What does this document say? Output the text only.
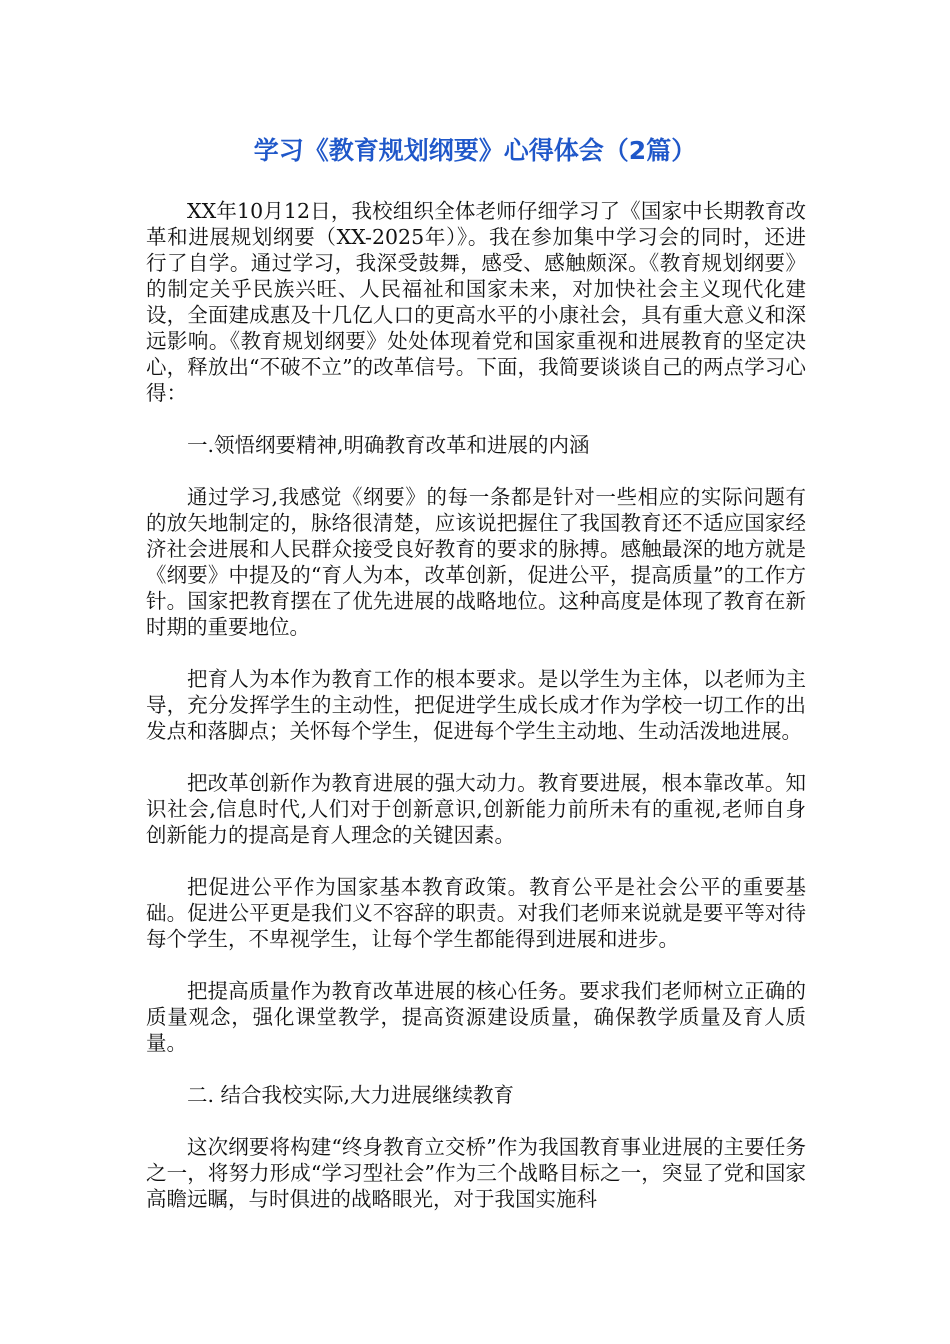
学习《教育规划纲要》心得体会（2篇）

XX年10月12日，我校组织全体老师仔细学习了《国家中长期教育改革和进展规划纲要（XX-2025年）》。我在参加集中学习会的同时，还进行了自学。通过学习，我深受鼓舞，感受、感触颇深。《教育规划纲要》的制定关乎民族兴旺、人民福祉和国家未来，对加快社会主义现代化建设，全面建成惠及十几亿人口的更高水平的小康社会，具有重大意义和深远影响。《教育规划纲要》处处体现着党和国家重视和进展教育的坚定决心，释放出“不破不立”的改革信号。下面，我简要谈谈自己的两点学习心得：

一.领悟纲要精神,明确教育改革和进展的内涵

通过学习,我感觉《纲要》的每一条都是针对一些相应的实际问题有的放矢地制定的，脉络很清楚，应该说把握住了我国教育还不适应国家经济社会进展和人民群众接受良好教育的要求的脉搏。感触最深的地方就是《纲要》中提及的“育人为本，改革创新，促进公平，提高质量”的工作方针。国家把教育摆在了优先进展的战略地位。这种高度是体现了教育在新时期的重要地位。

把育人为本作为教育工作的根本要求。是以学生为主体，以老师为主导，充分发挥学生的主动性，把促进学生成长成才作为学校一切工作的出发点和落脚点；关怀每个学生，促进每个学生主动地、生动活泼地进展。

把改革创新作为教育进展的强大动力。教育要进展，根本靠改革。知识社会,信息时代,人们对于创新意识,创新能力前所未有的重视,老师自身创新能力的提高是育人理念的关键因素。

把促进公平作为国家基本教育政策。教育公平是社会公平的重要基础。促进公平更是我们义不容辞的职责。对我们老师来说就是要平等对待每个学生，不卑视学生，让每个学生都能得到进展和进步。

把提高质量作为教育改革进展的核心任务。要求我们老师树立正确的质量观念，强化课堂教学，提高资源建设质量，确保教学质量及育人质量。

二. 结合我校实际,大力进展继续教育

这次纲要将构建“终身教育立交桥”作为我国教育事业进展的主要任务之一，将努力形成“学习型社会”作为三个战略目标之一，突显了党和国家高瞻远瞩，与时俱进的战略眼光，对于我国实施科
